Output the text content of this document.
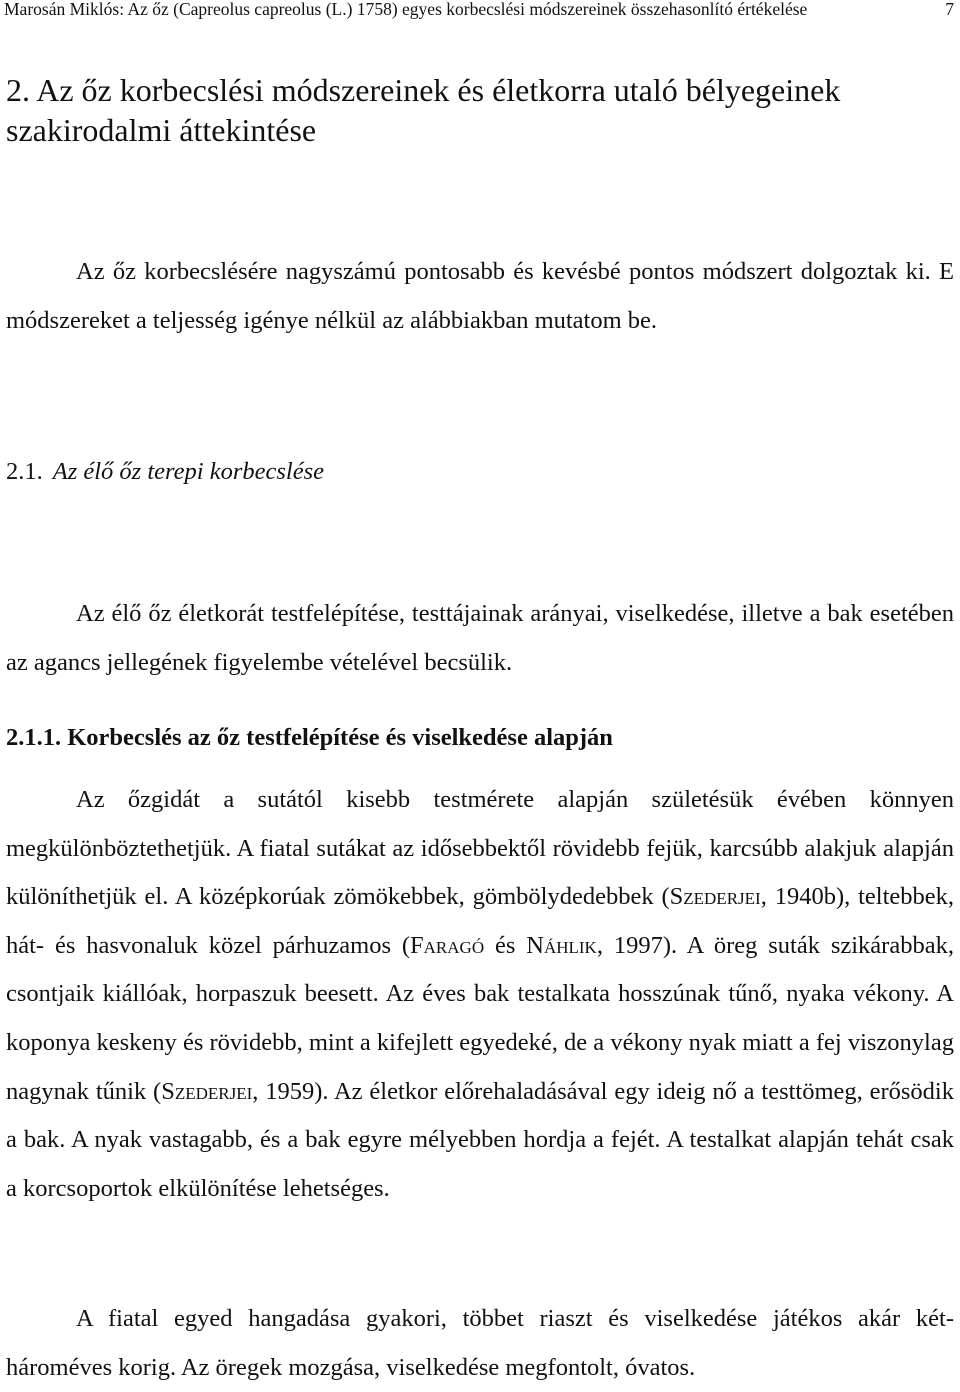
Marosán Miklós: Az őz (Capreolus capreolus (L.) 1758) egyes korbecslési módszereinek összehasonlító értékelése	7
2. Az őz korbecslési módszereinek és életkorra utaló bélyegeinek szakirodalmi áttekintése

Az őz korbecslésére nagyszámú pontosabb és kevésbé pontos módszert dolgoztak ki. E módszereket a teljesség igénye nélkül az alábbiakban mutatom be.

2.1. Az élő őz terepi korbecslése

Az élő őz életkorát testfelépítése, testtájainak arányai, viselkedése, illetve a bak esetében az agancs jellegének figyelembe vételével becsülik.

2.1.1. Korbecslés az őz testfelépítése és viselkedése alapján

Az őzgidát a sutától kisebb testmérete alapján születésük évében könnyen megkülönböztethetjük. A fiatal sutákat az idősebbektől rövidebb fejük, karcsúbb alakjuk alapján különíthetjük el. A középkorúak zömökebbek, gömbölydedebbek (Szederjei, 1940b), teltebbek, hát- és hasvonaluk közel párhuzamos (Faragó és Náhlik, 1997). A öreg suták szikárabbak, csontjaik kiállóak, horpaszuk beesett. Az éves bak testalkata hosszúnak tűnő, nyaka vékony. A koponya keskeny és rövidebb, mint a kifejlett egyedeké, de a vékony nyak miatt a fej viszonylag nagynak tűnik (Szederjei, 1959). Az életkor előrehaladásával egy ideig nő a testtömeg, erősödik a bak. A nyak vastagabb, és a bak egyre mélyebben hordja a fejét. A testalkat alapján tehát csak a korcsoportok elkülönítése lehetséges.

A fiatal egyed hangadása gyakori, többet riaszt és viselkedése játékos akár két-hároméves korig. Az öregek mozgása, viselkedése megfontolt, óvatos.
